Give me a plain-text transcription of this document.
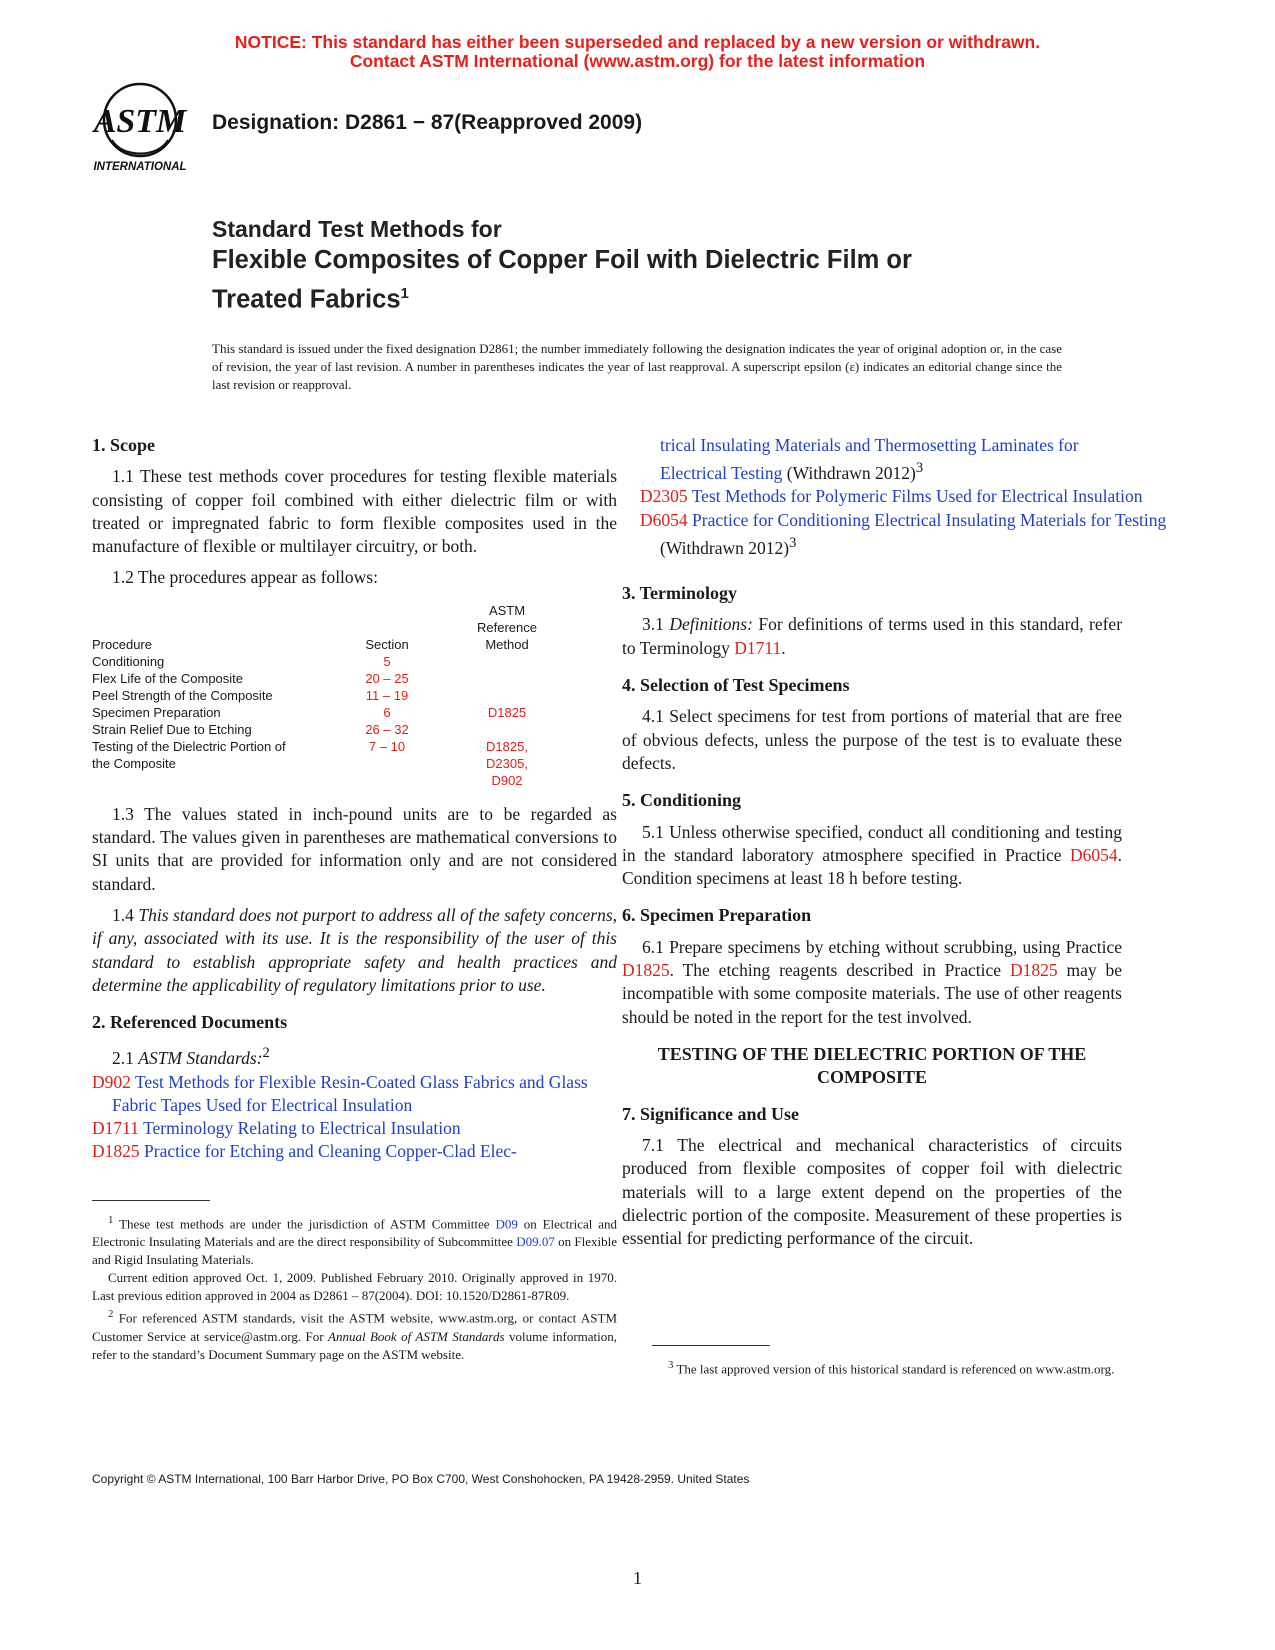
NOTICE: This standard has either been superseded and replaced by a new version or withdrawn.
Contact ASTM International (www.astm.org) for the latest information
ASTM
INTERNATIONAL
Designation: D2861 − 87(Reapproved 2009)
Standard Test Methods for
Flexible Composites of Copper Foil with Dielectric Film or
Treated Fabrics$^1$
This standard is issued under the fixed designation D2861; the number immediately following the designation indicates the year of original adoption or, in the case of revision, the year of last revision. A number in parentheses indicates the year of last reapproval. A superscript epsilon (ε) indicates an editorial change since the last revision or reapproval.
1. Scope

1.1 These test methods cover procedures for testing flexible materials consisting of copper foil combined with either dielectric film or with treated or impregnated fabric to form flexible composites used in the manufacture of flexible or multilayer circuitry, or both.

1.2 The procedures appear as follows:

		ASTM
		Reference
Procedure	Section	Method
Conditioning	5	
Flex Life of the Composite	20 – 25	
Peel Strength of the Composite	11 – 19	
Specimen Preparation	6	D1825
Strain Relief Due to Etching	26 – 32	
Testing of the Dielectric Portion of	7 – 10	D1825,
the Composite		D2305,
		D902

1.3 The values stated in inch-pound units are to be regarded as standard. The values given in parentheses are mathematical conversions to SI units that are provided for information only and are not considered standard.

1.4 This standard does not purport to address all of the safety concerns, if any, associated with its use. It is the responsibility of the user of this standard to establish appropriate safety and health practices and determine the applicability of regulatory limitations prior to use.

2. Referenced Documents

2.1 ASTM Standards:$^2$

D902 Test Methods for Flexible Resin-Coated Glass Fabrics and Glass Fabric Tapes Used for Electrical Insulation
D1711 Terminology Relating to Electrical Insulation
D1825 Practice for Etching and Cleaning Copper-Clad Elec-
trical Insulating Materials and Thermosetting Laminates for Electrical Testing (Withdrawn 2012)$^3$
D2305 Test Methods for Polymeric Films Used for Electrical Insulation
D6054 Practice for Conditioning Electrical Insulating Materials for Testing (Withdrawn 2012)$^3$
3. Terminology

3.1 Definitions: For definitions of terms used in this standard, refer to Terminology D1711.

4. Selection of Test Specimens

4.1 Select specimens for test from portions of material that are free of obvious defects, unless the purpose of the test is to evaluate these defects.

5. Conditioning

5.1 Unless otherwise specified, conduct all conditioning and testing in the standard laboratory atmosphere specified in Practice D6054. Condition specimens at least 18 h before testing.

6. Specimen Preparation

6.1 Prepare specimens by etching without scrubbing, using Practice D1825. The etching reagents described in Practice D1825 may be incompatible with some composite materials. The use of other reagents should be noted in the report for the test involved.

TESTING OF THE DIELECTRIC PORTION OF THE COMPOSITE
7. Significance and Use

7.1 The electrical and mechanical characteristics of circuits produced from flexible composites of copper foil with dielectric materials will to a large extent depend on the properties of the dielectric portion of the composite. Measurement of these properties is essential for predicting performance of the circuit.

$^1$ These test methods are under the jurisdiction of ASTM Committee D09 on Electrical and Electronic Insulating Materials and are the direct responsibility of Subcommittee D09.07 on Flexible and Rigid Insulating Materials.

Current edition approved Oct. 1, 2009. Published February 2010. Originally approved in 1970. Last previous edition approved in 2004 as D2861 – 87(2004). DOI: 10.1520/D2861-87R09.

$^2$ For referenced ASTM standards, visit the ASTM website, www.astm.org, or contact ASTM Customer Service at service@astm.org. For Annual Book of ASTM Standards volume information, refer to the standard’s Document Summary page on the ASTM website.

$^3$ The last approved version of this historical standard is referenced on www.astm.org.

Copyright © ASTM International, 100 Barr Harbor Drive, PO Box C700, West Conshohocken, PA 19428-2959. United States
1
